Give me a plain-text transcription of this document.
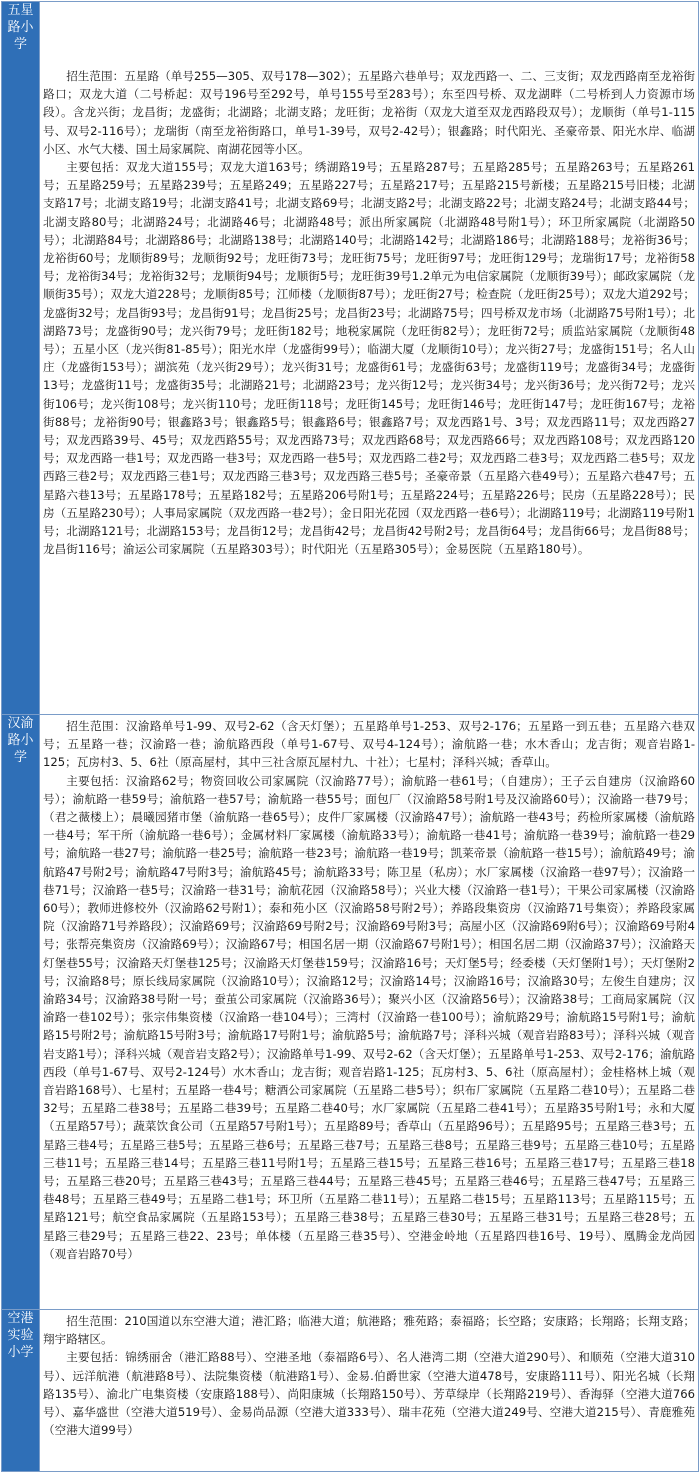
五星路小学	招生范围：五星路（单号255—305、双号178—302）；五星路六巷单号；双龙西路一、二、三支街；双龙西路南至龙裕街路口；双龙大道（二号桥起：双号196号至292号，单号155号至283号）；东至四号桥、双龙湖畔（二号桥到人力资源市场段）。含龙兴街；龙昌街；龙盛街；北湖路；北湖支路；龙旺街；龙裕街（双龙大道至双龙西路段双号）；龙顺街（单号1-115号、双号2-116号）；龙瑞街（南至龙裕街路口，单号1-39号，双号2-42号）；银鑫路；时代阳光、圣豪帝景、阳光水岸、临湖小区、水气大楼、国土局家属院、南湖花园等小区。

主要包括：双龙大道155号；双龙大道163号；绣湖路19号；五星路287号；五星路285号；五星路263号；五星路261号；五星路259号；五星路239号；五星路249；五星路227号；五星路217号；五星路215号新楼；五星路215号旧楼；北湖支路17号；北湖支路19号；北湖支路41号；北湖支路69号；北湖支路2号；北湖支路22号；北湖支路24号；北湖支路44号；北湖支路80号；北湖路24号；北湖路46号；北湖路48号；派出所家属院（北湖路48号附1号）；环卫所家属院（北湖路50号）；北湖路84号；北湖路86号；北湖路138号；北湖路140号；北湖路142号；北湖路186号；北湖路188号；龙裕街36号；龙裕街60号；龙顺街89号；龙顺街92号；龙旺街73号；龙旺街75号；龙旺街97号；龙旺街129号；龙瑞街17号；龙裕街58号；龙裕街34号；龙裕街32号；龙顺街94号；龙顺街5号；龙旺街39号1.2单元为电信家属院（龙顺街39号）；邮政家属院（龙顺街35号）；双龙大道228号；龙顺街85号；江师楼（龙顺街87号）；龙旺街27号；检查院（龙旺街25号）；双龙大道292号；龙盛街32号；龙昌街93号；龙昌街91号；龙昌街25号；龙昌街23号；北湖路75号；四号桥双龙市场（北湖路75号附1号）；北湖路73号；龙盛街90号；龙兴街79号；龙旺街182号；地税家属院（龙旺街82号）；龙旺街72号；质监站家属院（龙顺街48号）；五星小区（龙兴街81-85号）；阳光水岸（龙盛街99号）；临湖大厦（龙顺街10号）；龙兴街27号；龙盛街151号；名人山庄（龙盛街153号）；湖滨苑（龙兴街29号）；龙兴街31号；龙盛街61号；龙盛街63号；龙盛街119号；龙盛街34号；龙盛街13号；龙盛街11号；龙盛街35号；北湖路21号；北湖路23号；龙兴街12号；龙兴街34号；龙兴街36号；龙兴街72号；龙兴街106号；龙兴街108号；龙兴街110号；龙旺街118号；龙旺街145号；龙旺街146号；龙旺街147号；龙旺街167号；龙裕街88号；龙裕街90号；银鑫路3号；银鑫路5号；银鑫路6号；银鑫路7号；双龙西路1号、3号；双龙西路11号；双龙西路27号；双龙西路39号、45号；双龙西路55号；双龙西路73号；双龙西路68号；双龙西路66号；双龙西路108号；双龙西路120号；双龙西路一巷1号；双龙西路一巷3号；双龙西路一巷5号；双龙西路二巷2号；双龙西路二巷3号；双龙西路二巷5号；双龙西路三巷2号；双龙西路三巷1号；双龙西路三巷3号；双龙西路三巷5号；圣豪帝景（五星路六巷49号）；五星路六巷47号；五星路六巷13号；五星路178号；五星路182号；五星路206号附1号；五星路224号；五星路226号；民房（五星路228号）；民房（五星路230号）；人事局家属院（双龙西路一巷2号）；金日阳光花园（双龙西路一巷6号）；北湖路119号；北湖路119号附1号；北湖路121号；北湖路153号；龙昌街12号；龙昌街42号；龙昌街42号附2号；龙昌街64号；龙昌街66号；龙昌街88号；龙昌街116号；渝运公司家属院（五星路303号）；时代阳光（五星路305号）；金易医院（五星路180号）。

汉渝路小学	招生范围：汉渝路单号1-99、双号2-62（含天灯堡）；五星路单号1-253、双号2-176；五星路一到五巷；五星路六巷双号；五星路一巷；汉渝路一巷；渝航路西段（单号1-67号、双号4-124号）；渝航路一巷；水木香山；龙吉街；观音岩路1-125；瓦房村3、5、6社（原高屋村，其中三社含原瓦屋村九、十社）；七星村；泽科兴城；香草山。

主要包括：汉渝路62号；物资回收公司家属院（汉渝路77号）；渝航路一巷61号；（自建房）；王子云自建房（汉渝路60号）；渝航路一巷59号；渝航路一巷57号；渝航路一巷55号；面包厂（汉渝路58号附1号及汉渝路60号）；汉渝路一巷79号；（君之薇楼上）；晨曦园猪市堡（渝航路一巷65号）；皮件厂家属楼（汉渝路47号）；渝航路一巷43号；药检所家属楼（渝航路一巷4号；军干所（渝航路一巷6号）；金属材料厂家属楼（渝航路33号）；渝航路一巷41号；渝航路一巷39号；渝航路一巷29号；渝航路一巷27号；渝航路一巷25号；渝航路一巷23号；渝航路一巷19号；凯莱帝景（渝航路一巷15号）；渝航路49号；渝航路47号附2号；渝航路47号附3号；渝航路45号；渝航路33号；陈卫星（私房）；水厂家属楼（汉渝路一巷97号）；汉渝路一巷71号；汉渝路一巷5号；汉渝路一巷31号；渝航花园（汉渝路58号）；兴业大楼（汉渝路一巷1号）；干果公司家属楼（汉渝路60号）；教师进修校外（汉渝路62号附1）；泰和苑小区（汉渝路58号附2号）；养路段集资房（汉渝路71号集资）；养路段家属院（汉渝路71号养路段）；汉渝路69号；汉渝路69号附2号；汉渝路69号附3号；高屋小区（汉渝路69附6号）；汉渝路69号附4号；张帮亮集资房（汉渝路69号）；汉渝路67号；相国名居一期（汉渝路67号附1号）；相国名居二期（汉渝路37号）；汉渝路天灯堡巷55号；汉渝路天灯堡巷125号；汉渝路天灯堡巷159号；汉渝路16号；天灯堡5号；经委楼（天灯堡附1号）；天灯堡附2号；汉渝路8号；原长线局家属院（汉渝路10号）；汉渝路12号；汉渝路14号；汉渝路16号；汉渝路30号；左俊生自建房；汉渝路34号；汉渝路38号附一号；蚕茧公司家属院（汉渝路36号）；聚兴小区（汉渝路56号）；汉渝路38号；工商局家属院（汉渝路一巷102号）；张宗伟集资楼（汉渝路一巷104号）；三湾村（汉渝路一巷100号）；渝航路29号；渝航路15号附1号；渝航路15号附2号；渝航路15号附3号；渝航路17号附1号；渝航路5号；渝航路7号；泽科兴城（观音岩路83号）；泽科兴城（观音岩支路1号）；泽科兴城（观音岩支路2号）；汉渝路单号1-99、双号2-62（含天灯堡）；五星路单号1-253、双号2-176；渝航路西段（单号1-67号、双号2-124号）水木香山；龙吉街；观音岩路1-125；瓦房村3、5、6社（原高屋村）；金桂格林上城（观音岩路168号）、七星村；五星路一巷4号；糖酒公司家属院（五星路二巷5号）；织布厂家属院（五星路二巷10号）；五星路二巷32号；五星路二巷38号；五星路二巷39号；五星路二巷40号；水厂家属院（五星路二巷41号）；五星路35号附1号；永和大厦（五星路57号）；蔬菜饮食公司（五星路57号附1号）；五星路89号；香草山（五星路96号）；五星路95号；五星路三巷3号；五星路三巷4号；五星路三巷5号；五星路三巷6号；五星路三巷7号；五星路三巷8号；五星路三巷9号；五星路三巷10号；五星路三巷11号；五星路三巷14号；五星路三巷11号附1号；五星路三巷15号；五星路三巷16号；五星路三巷17号；五星路三巷18号；五星路三巷20号；五星路三巷43号；五星路三巷44号；五星路三巷45号；五星路三巷46号；五星路三巷47号；五星路三巷48号；五星路三巷49号；五星路二巷1号；环卫所（五星路二巷11号）；五星路二巷15号；五星路113号；五星路115号；五星路121号；航空食品家属院（五星路153号）；五星路三巷38号；五星路三巷30号；五星路三巷31号；五星路三巷28号；五星路三巷29号；五星路三巷22、23号；单体楼（五星路三巷35号）、空港金岭地（五星路四巷16号、19号）、凰腾金龙尚园（观音岩路70号）

空港实验小学	招生范围：210国道以东空港大道；港汇路；临港大道；航港路；雅苑路；泰福路；长空路；安康路；长翔路；长翔支路；翔宇路辖区。

主要包括：锦绣丽舍（港汇路88号）、空港圣地（泰福路6号）、名人港湾二期（空港大道290号）、和顺苑（空港大道310号）、远洋航港（航港路8号）、法院集资楼（航港路1号）、金易.伯爵世家（空港大道478号，安康路111号）、阳光名城（长翔路135号）、渝北广电集资楼（安康路188号）、尚阳康城（长翔路150号）、芳草绿岸（长翔路219号）、香海驿（空港大道766号）、嘉华盛世（空港大道519号）、金易尚品源（空港大道333号）、瑞丰花苑（空港大道249号、空港大道215号）、青鹿雅苑（空港大道99号）
